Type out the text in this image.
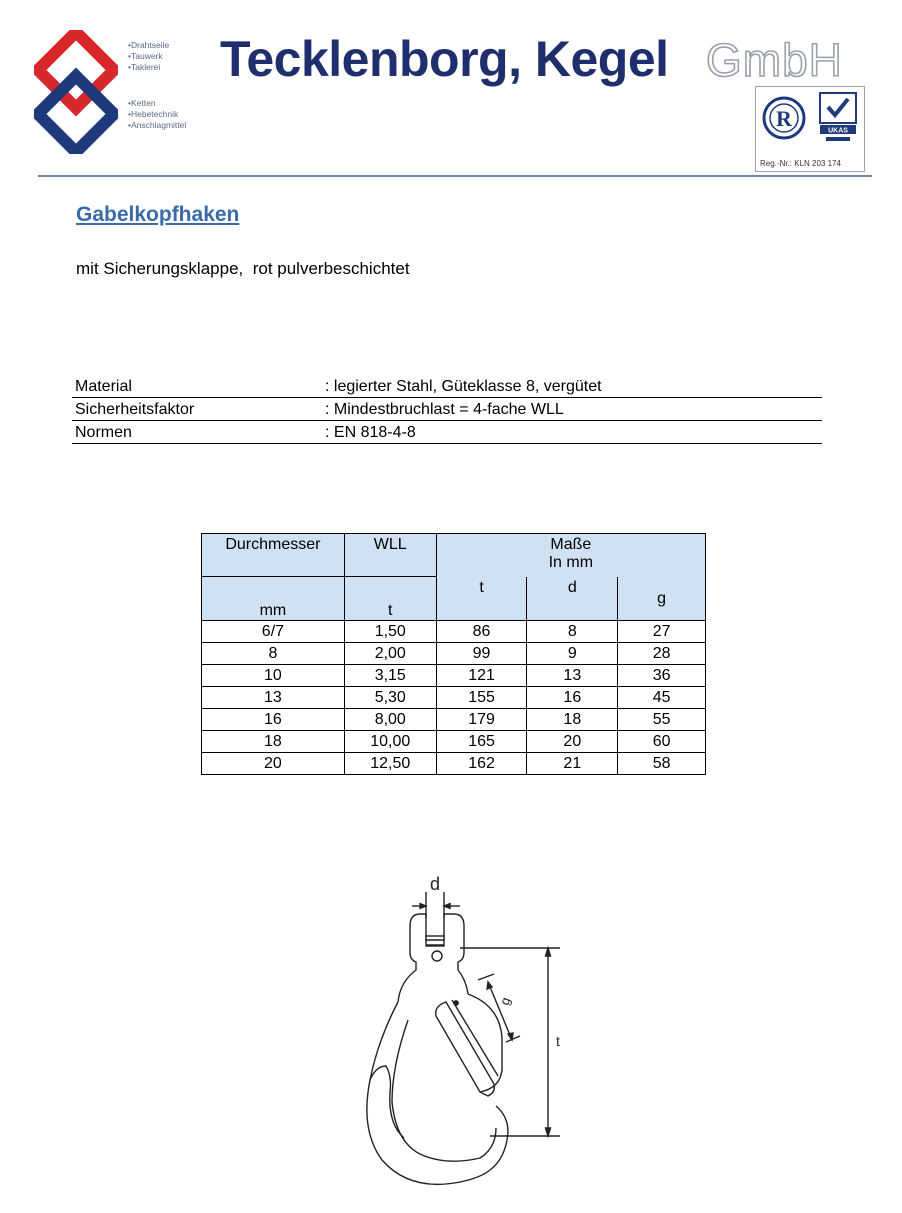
• Drahtseile
• Tauwerk
• Taklerei
• Ketten
• Hebetechnik
• Anschlagmittel
Tecklenborg, Kegel GmbH
R	UKAS
Reg.-Nr.: KLN 203 174
Gabelkopfhaken
mit Sicherungsklappe,  rot pulverbeschichtet
Material	: legierter Stahl, Güteklasse 8, vergütet
Sicherheitsfaktor	: Mindestbruchlast = 4-fache WLL
Normen	: EN 818-4-8
Durchmesser	WLL	Maße
In mm		

mm	t	t	d	g
6/7	1,50	86	8	27
8	2,00	99	9	28
10	3,15	121	13	36
13	5,30	155	16	45
16	8,00	179	18	55
18	10,00	165	20	60
20	12,50	162	21	58
d
g
t
